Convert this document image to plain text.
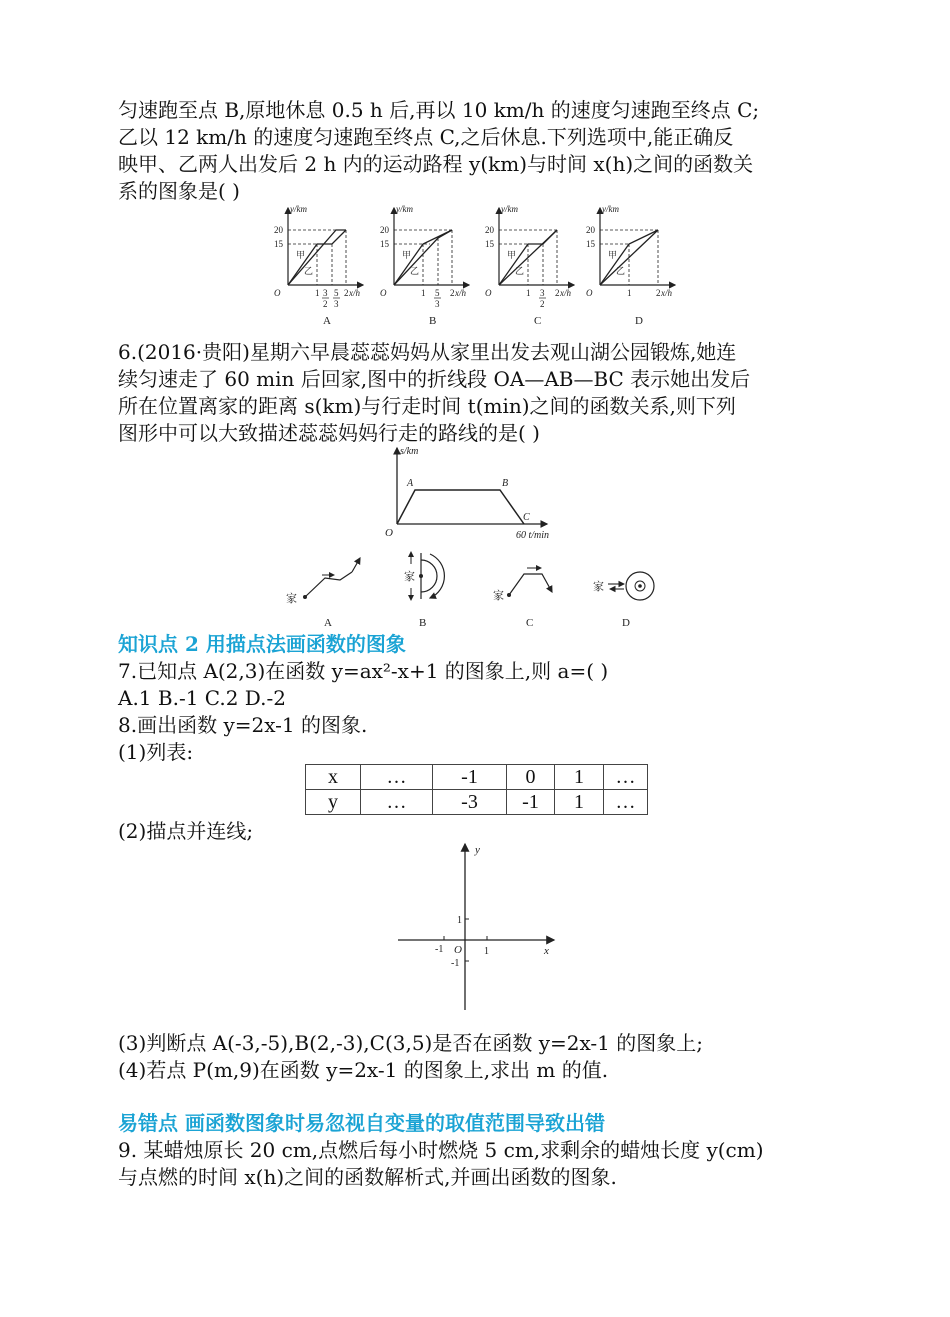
匀速跑至点 B,原地休息 0.5 h 后,再以 10 km/h 的速度匀速跑至终点 C;
乙以 12 km/h 的速度匀速跑至终点 C,之后休息.下列选项中,能正确反
映甲、乙两人出发后 2 h 内的运动路程 y(km)与时间 x(h)之间的函数关
系的图象是( )
y/km
x/h
O
20
15
甲
乙
1 3
2
5
3
2
A
y/km
x/h
O
20
15
甲
乙
1 5
3
2
B
y/km
x/h
O
20
15
甲
乙
1 3
2
2
C
y/km
x/h
O
20
15
甲
乙
1	2
D
6.(2016·贵阳)星期六早晨蕊蕊妈妈从家里出发去观山湖公园锻炼,她连
续匀速走了 60 min 后回家,图中的折线段 OA—AB—BC 表示她出发后
所在位置离家的距离 s(km)与行走时间 t(min)之间的函数关系,则下列
图形中可以大致描述蕊蕊妈妈行走的路线的是( )
s/km
60 t/min
O
A	B
C
家
A
家
B
家
C
家
D
知识点 2 用描点法画函数的图象
7.已知点 A(2,3)在函数 y=ax²-x+1 的图象上,则 a=( )
A.1 B.-1 C.2 D.-2
8.画出函数 y=2x-1 的图象.
(1)列表:
x	…	-1	0	1	…
y	…	-3	-1	1	…
(2)描点并连线;
y
x
O 1
1
-1
-1
(3)判断点 A(-3,-5),B(2,-3),C(3,5)是否在函数 y=2x-1 的图象上;
(4)若点 P(m,9)在函数 y=2x-1 的图象上,求出 m 的值.
易错点 画函数图象时易忽视自变量的取值范围导致出错
9. 某蜡烛原长 20 cm,点燃后每小时燃烧 5 cm,求剩余的蜡烛长度 y(cm)
与点燃的时间 x(h)之间的函数解析式,并画出函数的图象.
